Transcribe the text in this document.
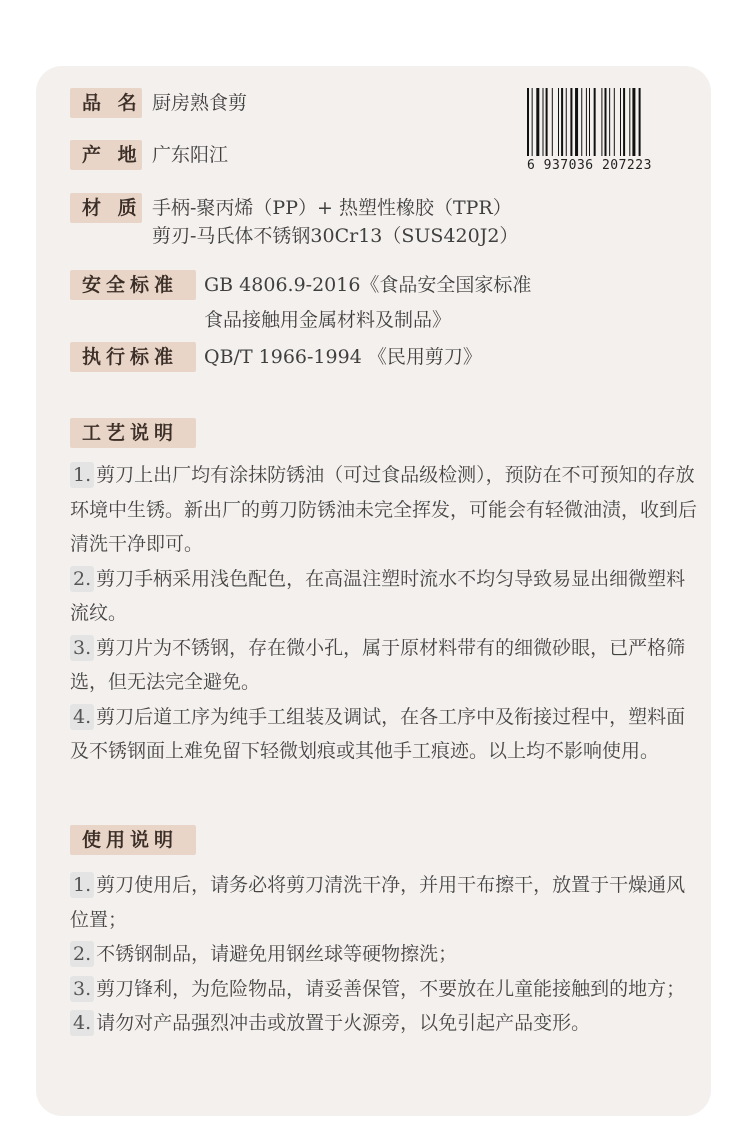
品 名 厨房熟食剪
产 地 广东阳江
材 质 手柄-聚丙烯（PP）+ 热塑性橡胶（TPR）
剪刃-马氏体不锈钢30Cr13（SUS420J2）
安全标准	GB 4806.9-2016《食品安全国家标准
食品接触用金属材料及制品》
执行标准	QB/T 1966-1994 《民用剪刀》
6 937036 207223
工艺说明
1. 剪刀上出厂均有涂抹防锈油（可过食品级检测），预防在不可预知的存放环境中生锈。新出厂的剪刀防锈油未完全挥发，可能会有轻微油渍，收到后清洗干净即可。
2. 剪刀手柄采用浅色配色，在高温注塑时流水不均匀导致易显出细微塑料流纹。
3. 剪刀片为不锈钢，存在微小孔，属于原材料带有的细微砂眼，已严格筛选，但无法完全避免。
4. 剪刀后道工序为纯手工组装及调试，在各工序中及衔接过程中，塑料面及不锈钢面上难免留下轻微划痕或其他手工痕迹。以上均不影响使用。
使用说明
1. 剪刀使用后，请务必将剪刀清洗干净，并用干布擦干，放置于干燥通风位置；
2. 不锈钢制品，请避免用钢丝球等硬物擦洗；
3. 剪刀锋利，为危险物品，请妥善保管，不要放在儿童能接触到的地方；
4. 请勿对产品强烈冲击或放置于火源旁，以免引起产品变形。
